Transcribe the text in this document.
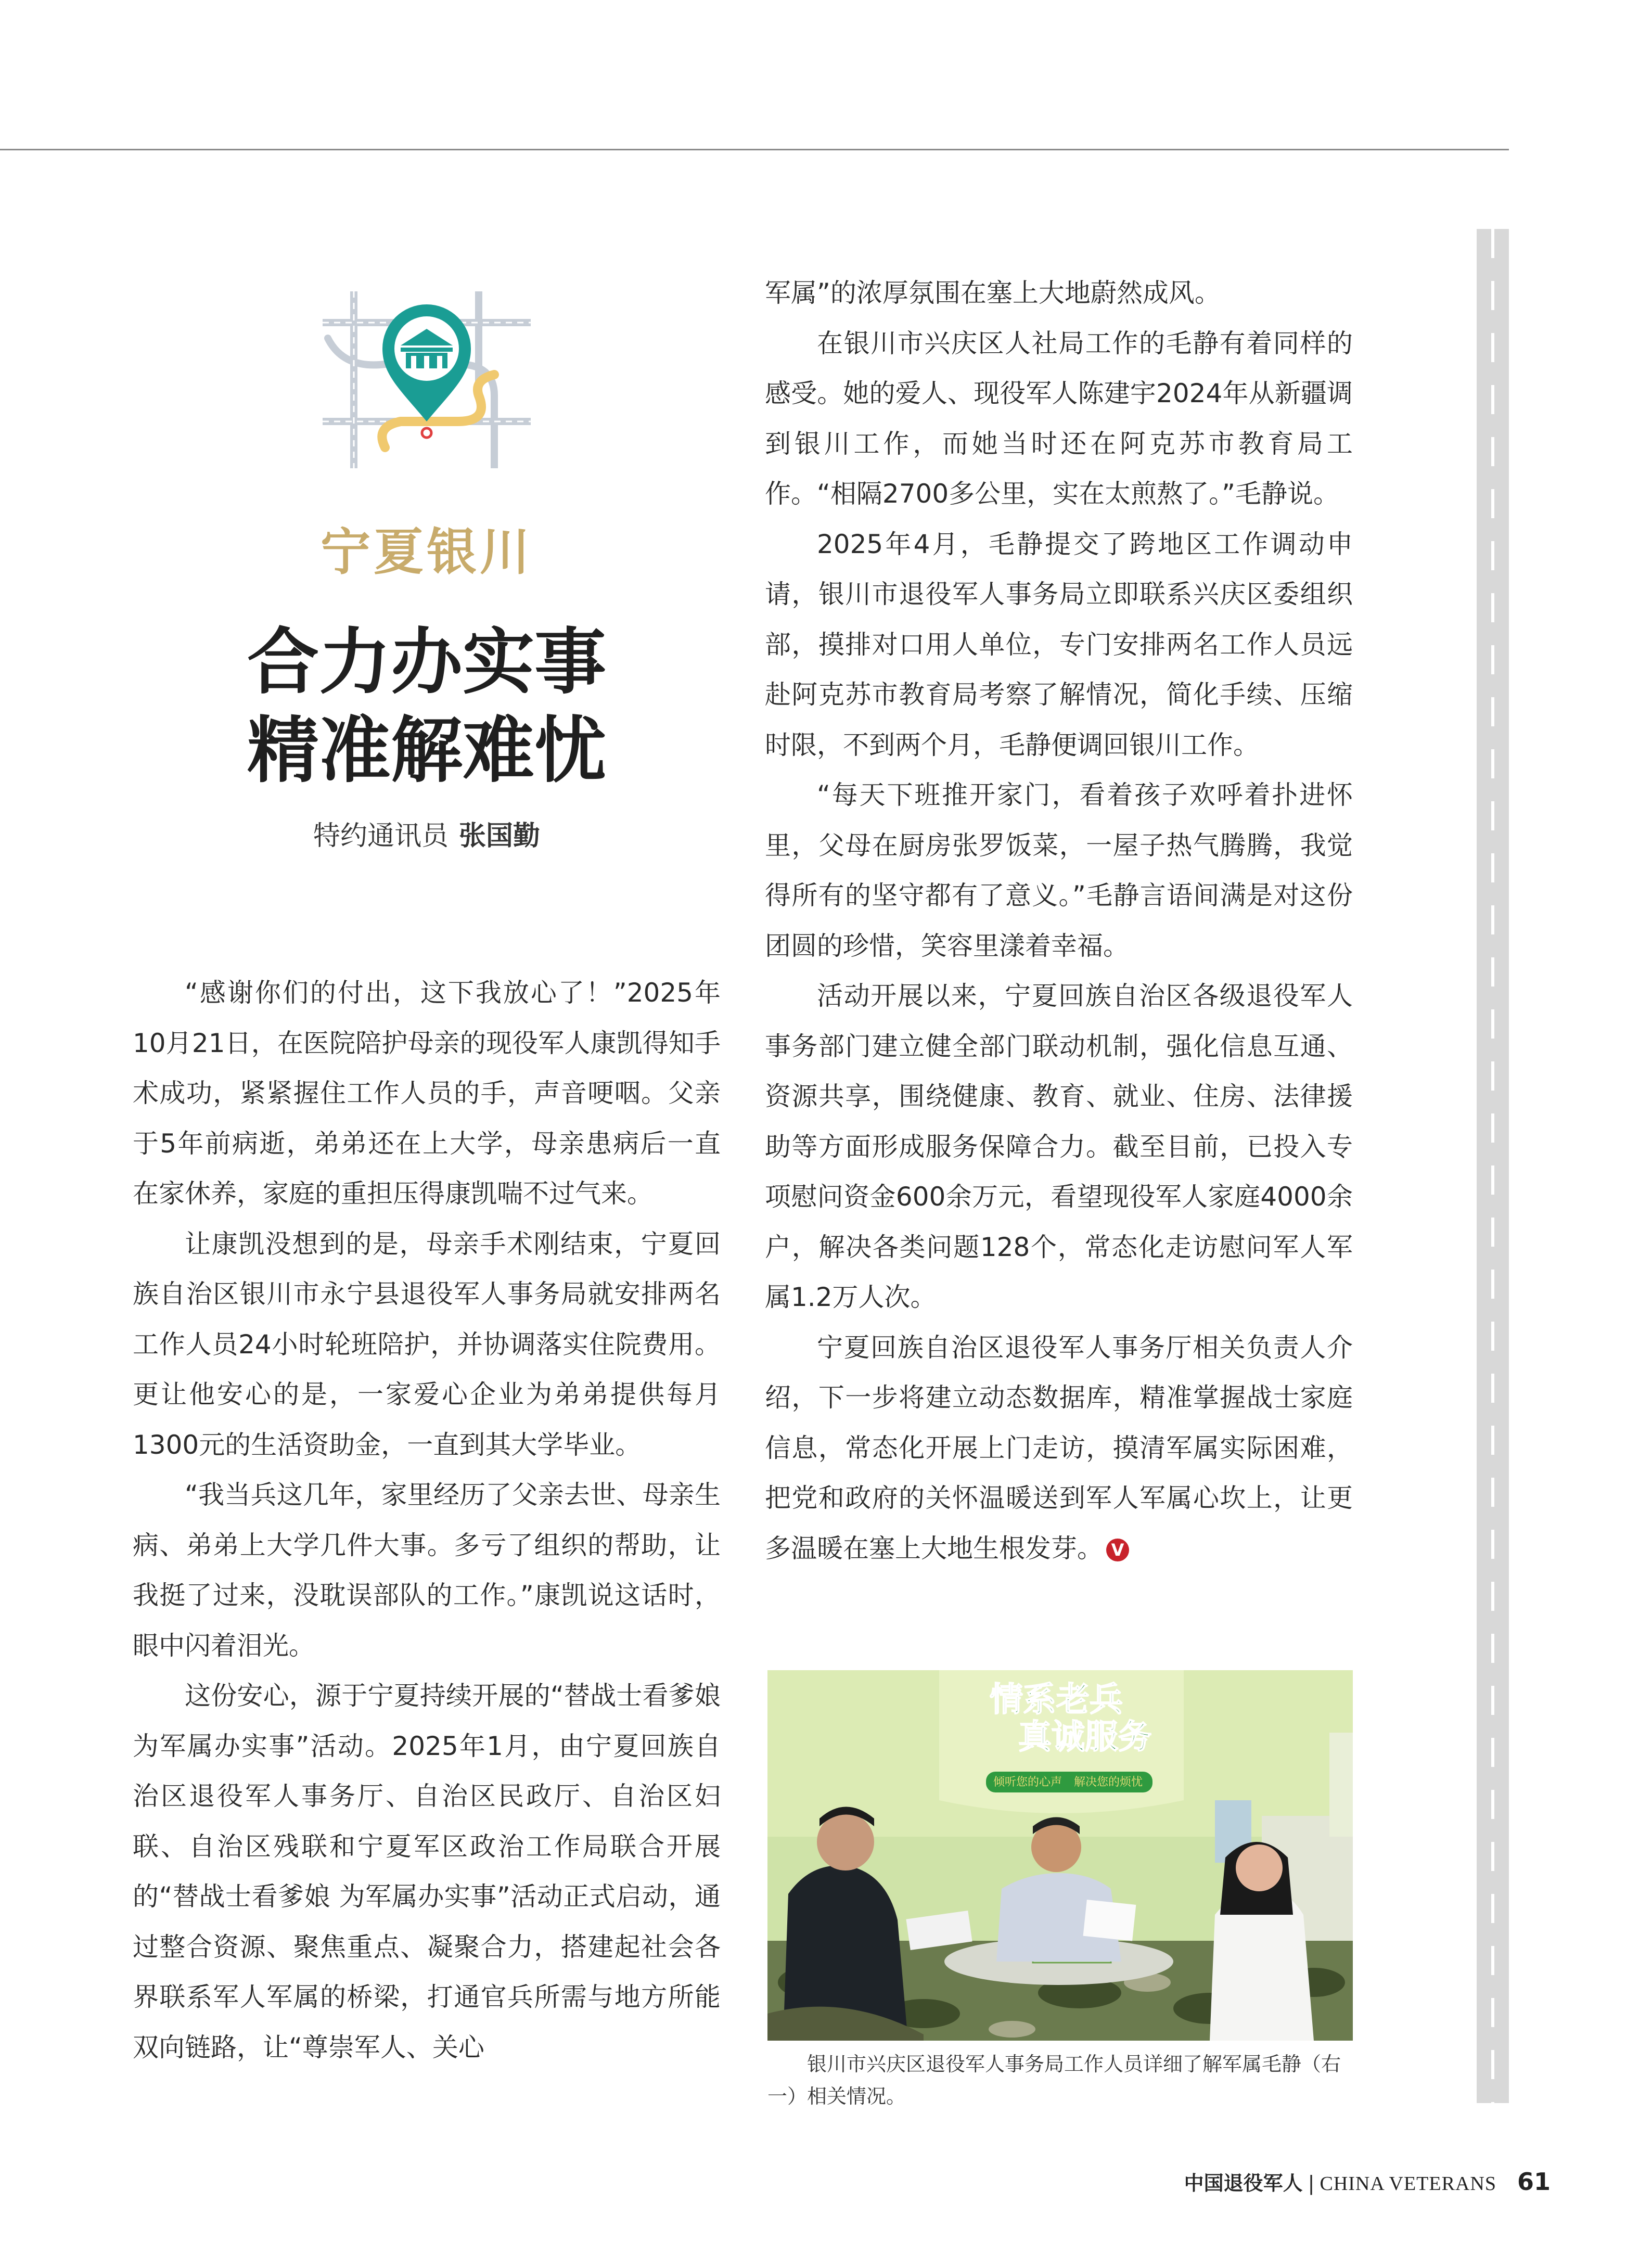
宁夏银川
合力办实事
精准解难忧
特约通讯员 张国勤

“感谢你们的付出，这下我放心了！”2025年10月21日，在医院陪护母亲的现役军人康凯得知手术成功，紧紧握住工作人员的手，声音哽咽。父亲于5年前病逝，弟弟还在上大学，母亲患病后一直在家休养，家庭的重担压得康凯喘不过气来。

让康凯没想到的是，母亲手术刚结束，宁夏回族自治区银川市永宁县退役军人事务局就安排两名工作人员24小时轮班陪护，并协调落实住院费用。更让他安心的是，一家爱心企业为弟弟提供每月1300元的生活资助金，一直到其大学毕业。

“我当兵这几年，家里经历了父亲去世、母亲生病、弟弟上大学几件大事。多亏了组织的帮助，让我挺了过来，没耽误部队的工作。”康凯说这话时，眼中闪着泪光。

这份安心，源于宁夏持续开展的“替战士看爹娘 为军属办实事”活动。2025年1月，由宁夏回族自治区退役军人事务厅、自治区民政厅、自治区妇联、自治区残联和宁夏军区政治工作局联合开展的“替战士看爹娘 为军属办实事”活动正式启动，通过整合资源、聚焦重点、凝聚合力，搭建起社会各界联系军人军属的桥梁，打通官兵所需与地方所能双向链路，让“尊崇军人、关心

军属”的浓厚氛围在塞上大地蔚然成风。

在银川市兴庆区人社局工作的毛静有着同样的感受。她的爱人、现役军人陈建宇2024年从新疆调到银川工作，而她当时还在阿克苏市教育局工作。“相隔2700多公里，实在太煎熬了。”毛静说。

2025年4月，毛静提交了跨地区工作调动申请，银川市退役军人事务局立即联系兴庆区委组织部，摸排对口用人单位，专门安排两名工作人员远赴阿克苏市教育局考察了解情况，简化手续、压缩时限，不到两个月，毛静便调回银川工作。

“每天下班推开家门，看着孩子欢呼着扑进怀里，父母在厨房张罗饭菜，一屋子热气腾腾，我觉得所有的坚守都有了意义。”毛静言语间满是对这份团圆的珍惜，笑容里漾着幸福。

活动开展以来，宁夏回族自治区各级退役军人事务部门建立健全部门联动机制，强化信息互通、资源共享，围绕健康、教育、就业、住房、法律援助等方面形成服务保障合力。截至目前，已投入专项慰问资金600余万元，看望现役军人家庭4000余户，解决各类问题128个，常态化走访慰问军人军属1.2万人次。

宁夏回族自治区退役军人事务厅相关负责人介绍，下一步将建立动态数据库，精准掌握战士家庭信息，常态化开展上门走访，摸清军属实际困难，把党和政府的关怀温暖送到军人军属心坎上，让更多温暖在塞上大地生根发芽。 V

情系老兵
真诚服务
倾听您的心声 解决您的烦忧
银川市兴庆区退役军人事务局工作人员详细了解军属毛静（右一）相关情况。
中国退役军人 | CHINA VETERANS 61
